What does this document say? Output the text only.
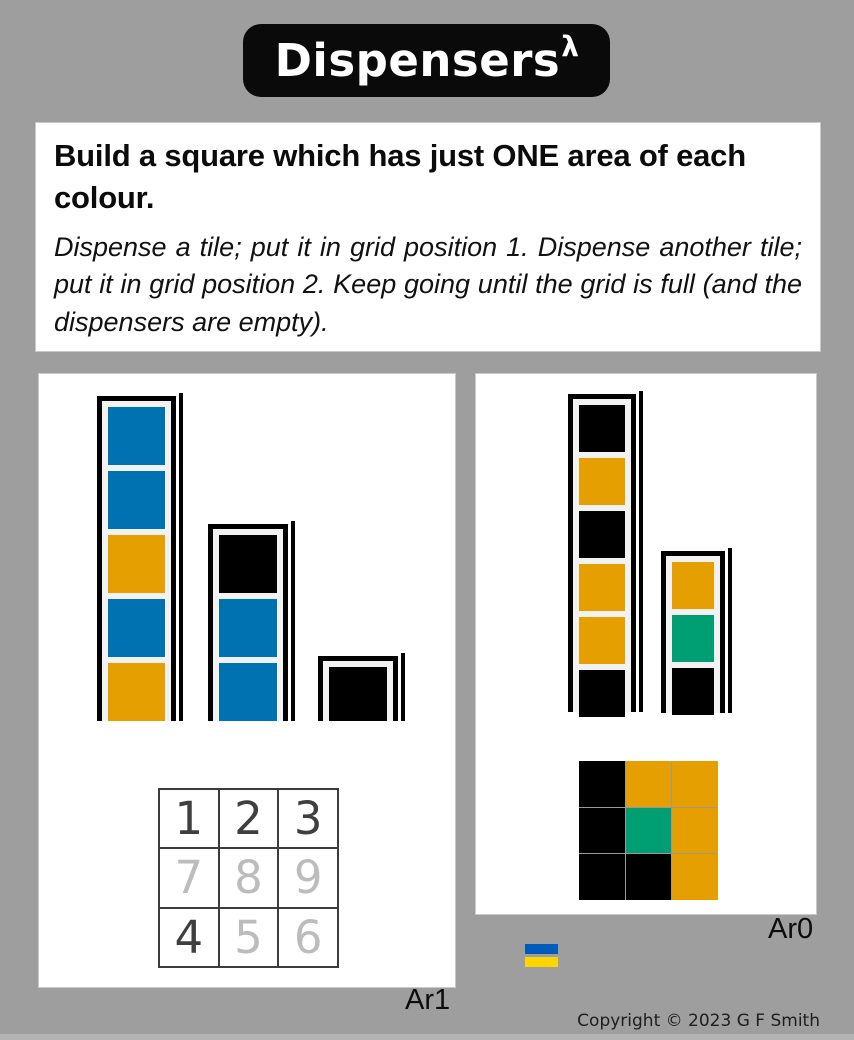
Dispensers$^\lambda$
Build a square which has just ONE area of each colour.

Dispense a tile; put it in grid position 1. Dispense another tile; put it in grid position 2. Keep going until the grid is full (and the dispensers are empty).

1 2 3
7 8 9
4 5 6
Ar1
Ar0
Copyright © 2023 G F Smith
